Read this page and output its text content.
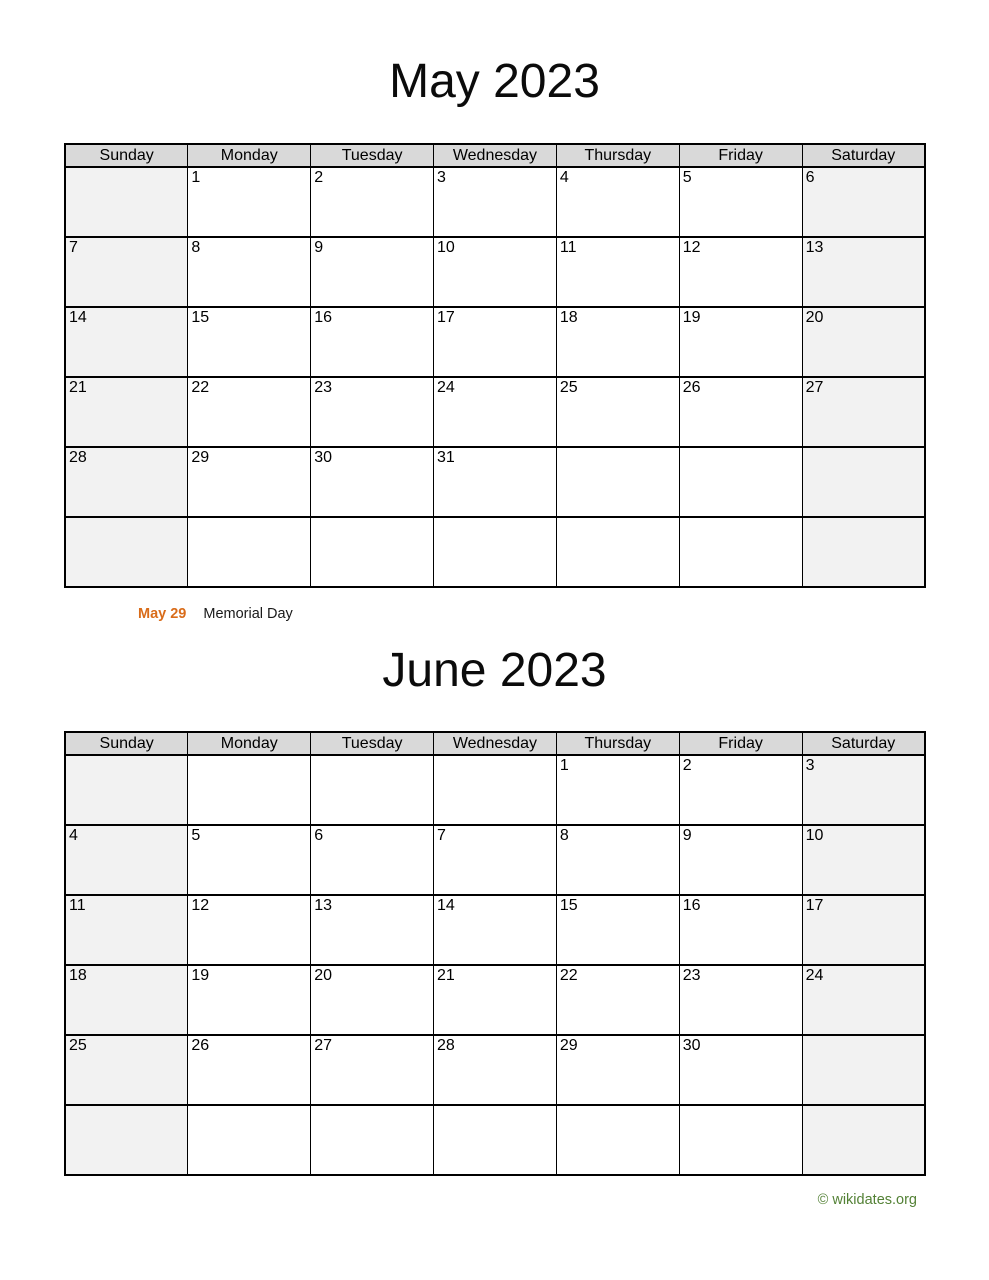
May 2023
Sunday	Monday	Tuesday	Wednesday	Thursday	Friday	Saturday
	1	2	3	4	5	6
7	8	9	10	11	12	13
14	15	16	17	18	19	20
21	22	23	24	25	26	27
28	29	30	31			

May 29 Memorial Day
June 2023
Sunday	Monday	Tuesday	Wednesday	Thursday	Friday	Saturday
				1	2	3
4	5	6	7	8	9	10
11	12	13	14	15	16	17
18	19	20	21	22	23	24
25	26	27	28	29	30	

© wikidates.org
